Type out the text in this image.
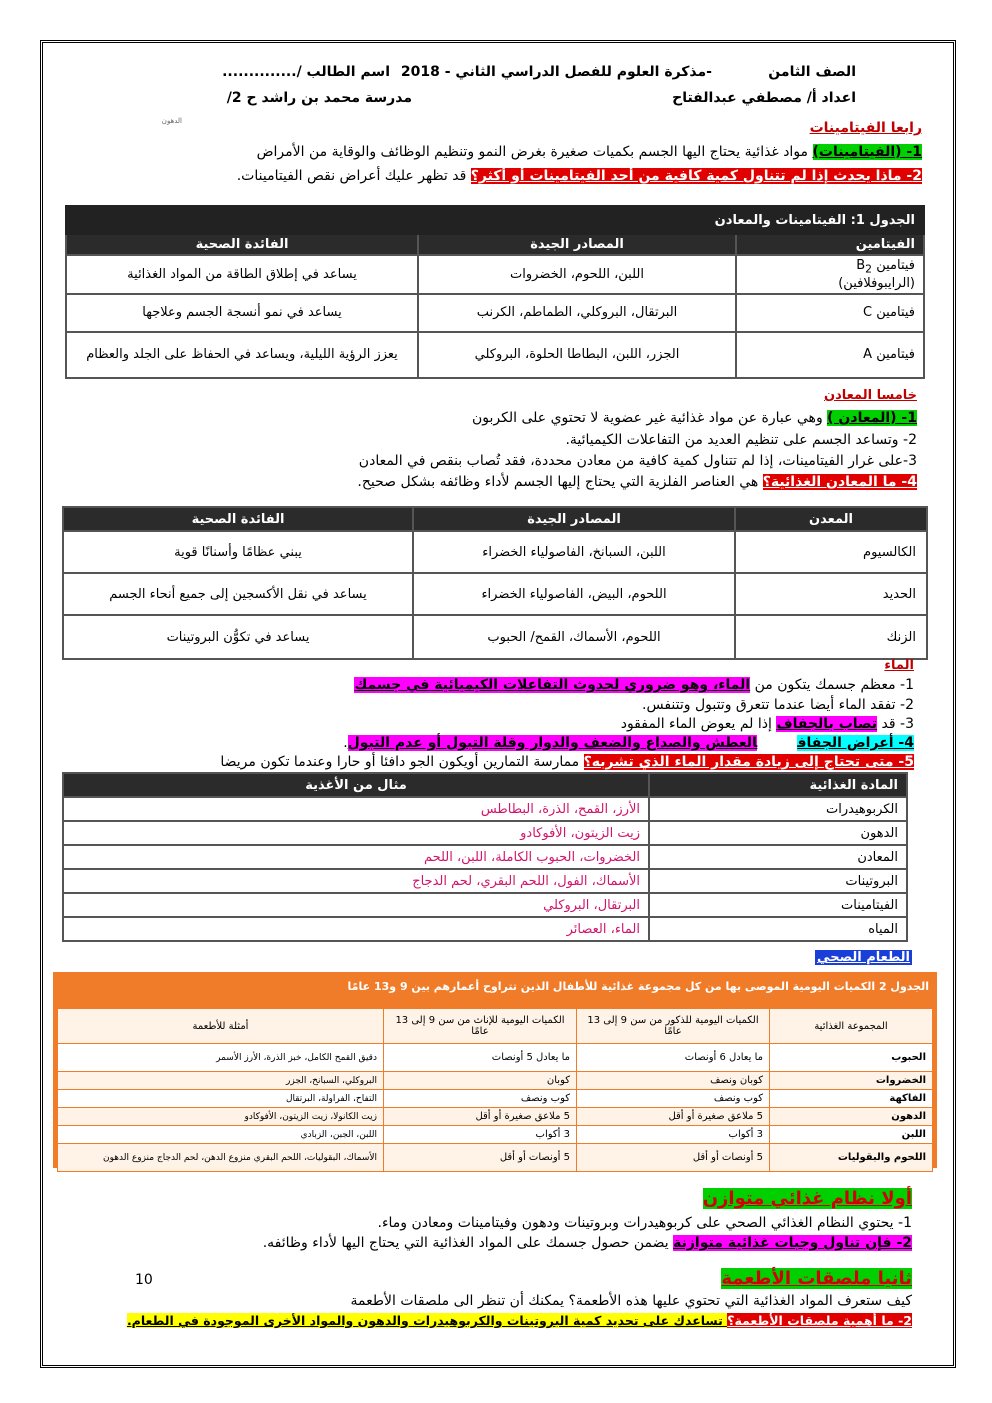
الصف الثامن
-مذكرة العلوم للفصل الدراسي الثاني - 2018
اسم الطالب /..............
اعداد أ/ مصطفي عبدالفتاح
مدرسة محمد بن راشد ح 2/
الدهون	رابعا الفيتامينات
1- (الفيتامينات) مواد غذائية يحتاج اليها الجسم بكميات صغيرة بغرض النمو وتنظيم الوظائف والوقاية من الأمراض
2- ماذا يحدث إذا لم تتناول كمية كافية من أحد الفيتامينات أو أكثر؟ قد تظهر عليك أعراض نقص الفيتامينات.
الجدول 1: الفيتامينات والمعادن		
الفيتامين	المصادر الجيدة	الفائدة الصحية
فيتامين $B_2$
(الرايبوفلافين)	اللبن، اللحوم، الخضروات	يساعد في إطلاق الطاقة من المواد الغذائية
فيتامين C	البرتقال، البروكلي، الطماطم، الكرنب	يساعد في نمو أنسجة الجسم وعلاجها
فيتامين A	الجزر، اللبن، البطاطا الحلوة، البروكلي	يعزز الرؤية الليلية، ويساعد في الحفاظ على الجلد والعظام
خامسا المعادن
1- (المعادن ) وهي عبارة عن مواد غذائية غير عضوية لا تحتوي على الكربون
2- وتساعد الجسم على تنظيم العديد من التفاعلات الكيميائية.
3-على غرار الفيتامينات، إذا لم تتناول كمية كافية من معادن محددة، فقد تُصاب بنقص في المعادن
4- ما المعادن الغذائية؟ هي العناصر الفلزية التي يحتاج إليها الجسم لأداء وظائفه بشكل صحيح.
المعدن	المصادر الجيدة	الفائدة الصحية
الكالسيوم	اللبن، السبانخ، الفاصولياء الخضراء	يبني عظامًا وأسنانًا قوية
الحديد	اللحوم، البيض، الفاصولياء الخضراء	يساعد في نقل الأكسجين إلى جميع أنحاء الجسم
الزنك	اللحوم، الأسماك، القمح/ الحبوب	يساعد في تكوُّن البروتينات
الماء
1- معظم جسمك يتكون من الماء، وهو ضروري لحدوث التفاعلات الكيميائية في جسمك
2- تفقد الماء أيضا عندما تتعرق وتتبول وتتنفس.
3- قد تصاب بالجفاف إذا لم يعوض الماء المفقود
4- أعراض الجفافالعطش والصداع والضعف والدوار وقلة التبول أو عدم التبول.
5- متى تحتاج إلى زيادة مقدار الماء الذي تشربه؟ ممارسة التمارين أويكون الجو دافئا أو حارا وعندما تكون مريضا
المادة الغذائية	مثال من الأغذية
الكربوهيدرات	الأرز، القمح، الذرة، البطاطس
الدهون	زيت الزيتون، الأفوكادو
المعادن	الخضروات، الحبوب الكاملة، اللبن، اللحم
البروتينات	الأسماك، الفول، اللحم البقري، لحم الدجاج
الفيتامينات	البرتقال، البروكلي
المياه	الماء، العصائر
الطعام الصحي
الجدول 2 الكميات اليومية الموصى بها من كل مجموعة غذائية للأطفال الذين تتراوح أعمارهم بين 9 و13 عامًا
المجموعة الغذائية	الكميات اليومية للذكور من سن 9 إلى 13 عامًا	الكميات اليومية للإناث من سن 9 إلى 13 عامًا	أمثلة للأطعمة
الحبوب	ما يعادل 6 أونصات	ما يعادل 5 أونصات	دقيق القمح الكامل، خبز الذرة، الأرز الأسمر
الخضروات	كوبان ونصف	كوبان	البروكلي، السبانخ، الجزر
الفاكهة	كوب ونصف	كوب ونصف	التفاح، الفراولة، البرتقال
الدهون	5 ملاعق صغيرة أو أقل	5 ملاعق صغيرة أو أقل	زيت الكانولا، زيت الزيتون، الأفوكادو
اللبن	3 أكواب	3 أكواب	اللبن، الجبن، الزبادي
اللحوم والبقوليات	5 أونصات أو أقل	5 أونصات أو أقل	الأسماك، البقوليات، اللحم البقري منزوع الدهن، لحم الدجاج منزوع الدهون
أولا نظام غذائي متوازن
1- يحتوي النظام الغذائي الصحي على كربوهيدرات وبروتينات ودهون وفيتامينات ومعادن وماء.
2- فإن تناول وجبات غذائية متوازنة يضمن حصول جسمك على المواد الغذائية التي يحتاج اليها لأداء وظائفه.
10	ثانيا ملصقات الأطعمة
كيف ستعرف المواد الغذائية التي تحتوي عليها هذه الأطعمة؟ يمكنك أن تنظر الى ملصقات الأطعمة
2- ما أهمية ملصقات الأطعمة؟ تساعدك على تحديد كمية البروتينات والكربوهيدرات والدهون والمواد الأخرى الموجودة في الطعام.
